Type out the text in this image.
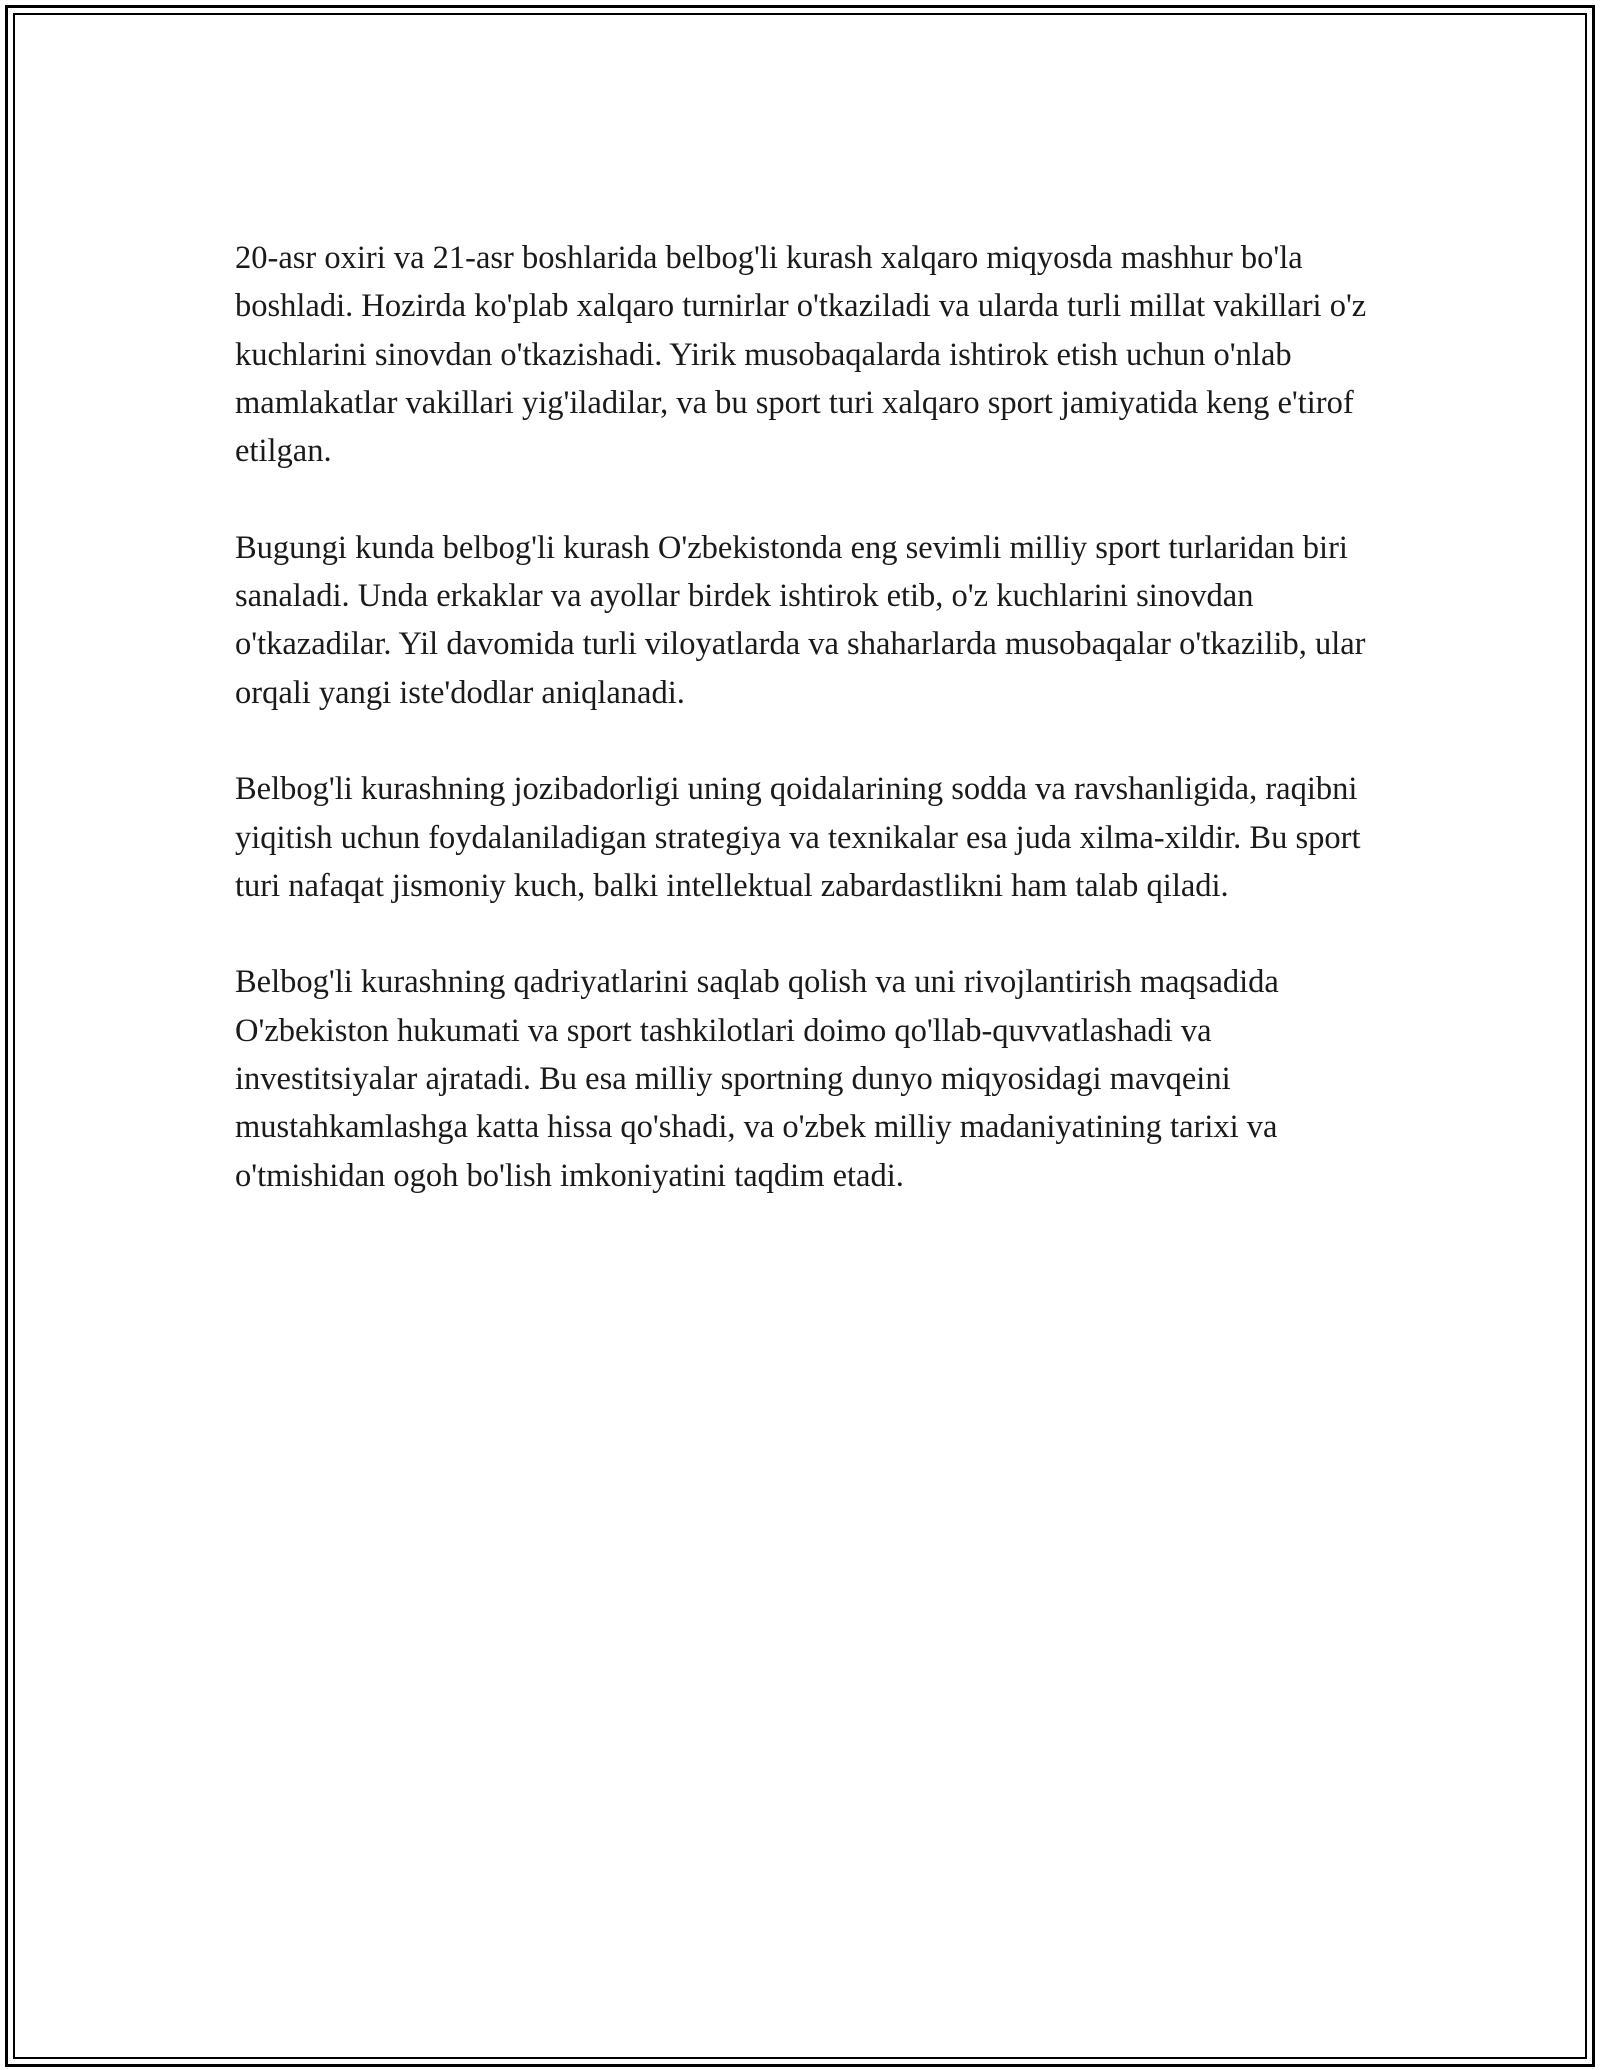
20-asr oxiri va 21-asr boshlarida belbog'li kurash xalqaro miqyosda mashhur bo'la boshladi. Hozirda ko'plab xalqaro turnirlar o'tkaziladi va ularda turli millat vakillari o'z kuchlarini sinovdan o'tkazishadi. Yirik musobaqalarda ishtirok etish uchun o'nlab mamlakatlar vakillari yig'iladilar, va bu sport turi xalqaro sport jamiyatida keng e'tirof etilgan.

Bugungi kunda belbog'li kurash O'zbekistonda eng sevimli milliy sport turlaridan biri sanaladi. Unda erkaklar va ayollar birdek ishtirok etib, o'z kuchlarini sinovdan o'tkazadilar. Yil davomida turli viloyatlarda va shaharlarda musobaqalar o'tkazilib, ular orqali yangi iste'dodlar aniqlanadi.

Belbog'li kurashning jozibadorligi uning qoidalarining sodda va ravshanligida, raqibni yiqitish uchun foydalaniladigan strategiya va texnikalar esa juda xilma-xildir. Bu sport turi nafaqat jismoniy kuch, balki intellektual zabardastlikni ham talab qiladi.

Belbog'li kurashning qadriyatlarini saqlab qolish va uni rivojlantirish maqsadida O'zbekiston hukumati va sport tashkilotlari doimo qo'llab-quvvatlashadi va investitsiyalar ajratadi. Bu esa milliy sportning dunyo miqyosidagi mavqeini mustahkamlashga katta hissa qo'shadi, va o'zbek milliy madaniyatining tarixi va o'tmishidan ogoh bo'lish imkoniyatini taqdim etadi.
